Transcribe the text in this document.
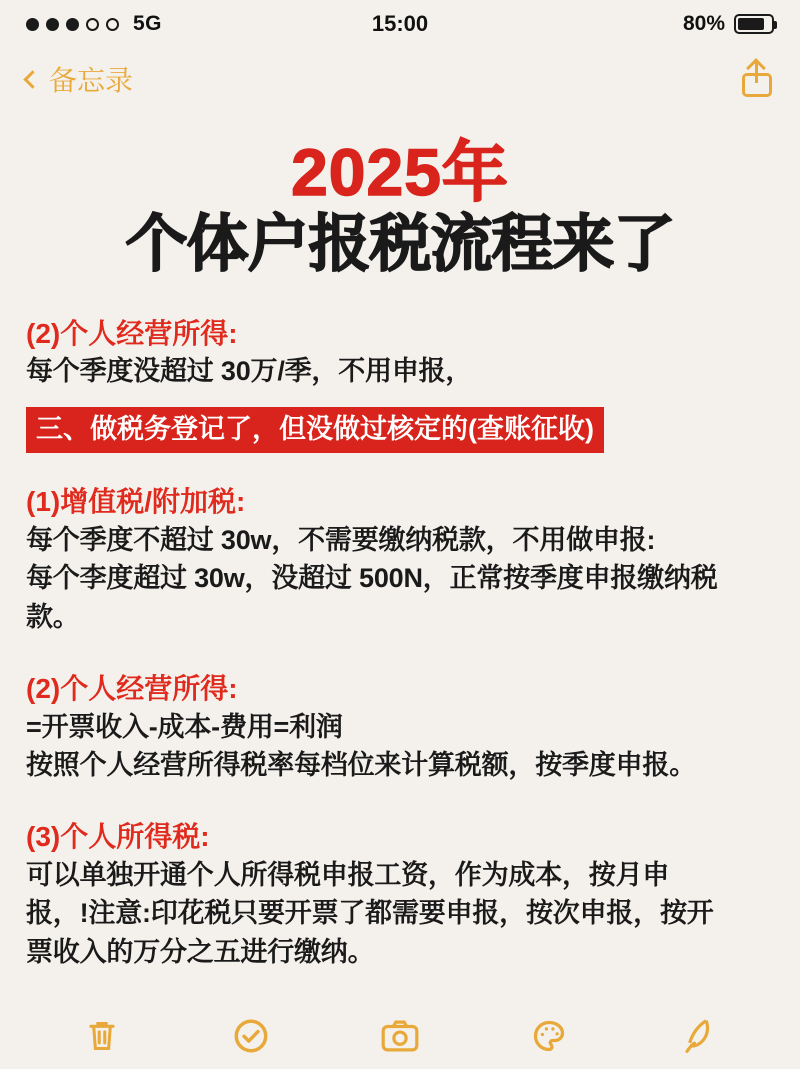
5G	15:00	80%
备忘录
2025年
个体户报税流程来了
(2)个人经营所得:
每个季度没超过 30万/季，不用申报，
三、做税务登记了，但没做过核定的(查账征收)
(1)增值税/附加税:
每个季度不超过 30w，不需要缴纳税款，不用做申报:
每个李度超过 30w，没超过 500N，正常按季度申报缴纳税
款。
(2)个人经营所得:
=开票收入-成本-费用=利润
按照个人经营所得税率每档位来计算税额，按季度申报。
(3)个人所得税:
可以单独开通个人所得税申报工资，作为成本，按月申
报，!注意:印花税只要开票了都需要申报，按次申报，按开
票收入的万分之五进行缴纳。
